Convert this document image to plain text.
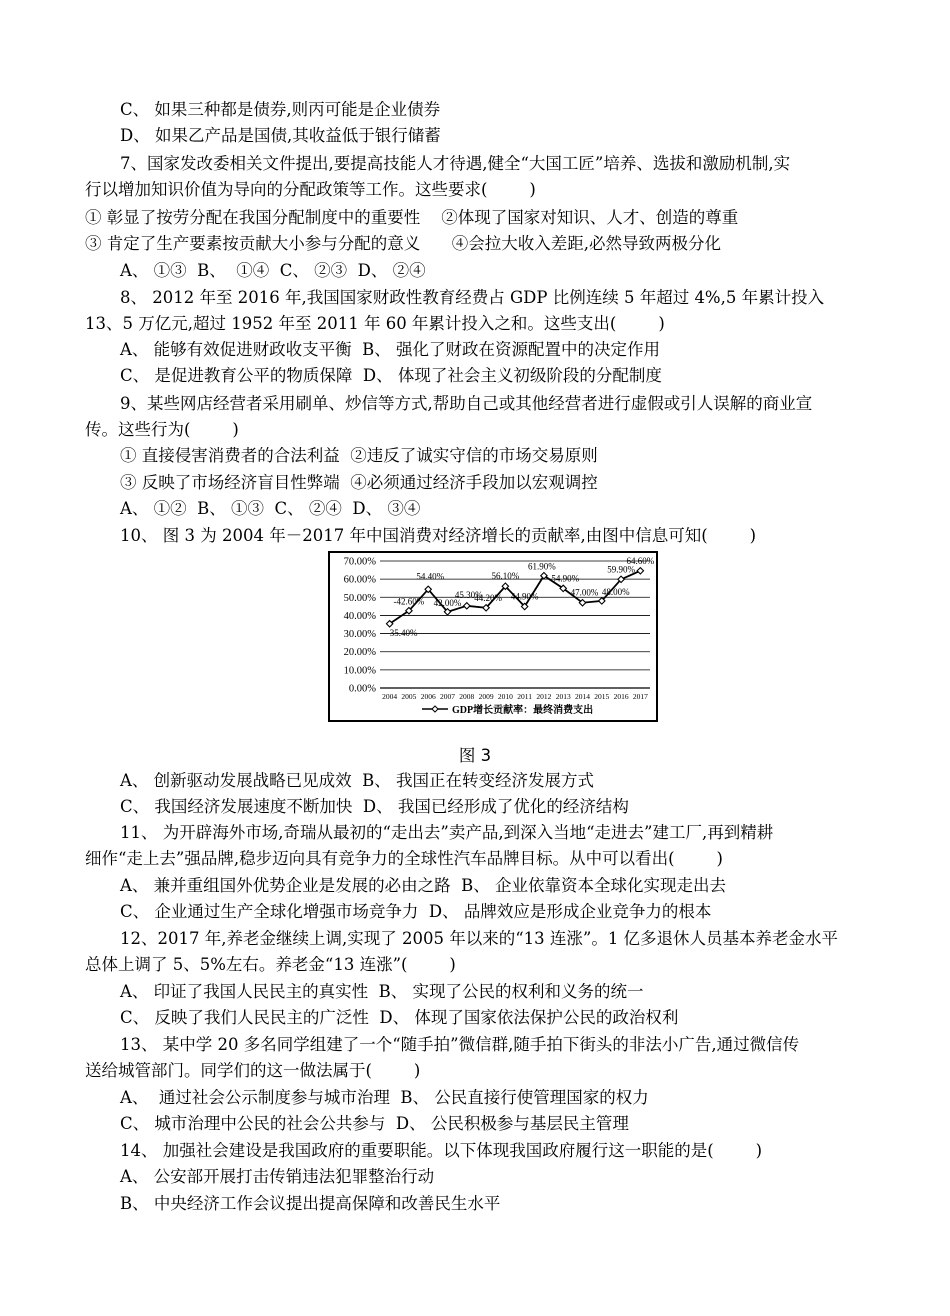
C、 如果三种都是债券,则丙可能是企业债券
D、 如果乙产品是国债,其收益低于银行储蓄
7、国家发改委相关文件提出,要提高技能人才待遇,健全“大国工匠”培养、选拔和激励机制,实
行以增加知识价值为导向的分配政策等工作。这些要求(        )
① 彰显了按劳分配在我国分配制度中的重要性    ②体现了国家对知识、人才、创造的尊重
③ 肯定了生产要素按贡献大小参与分配的意义      ④会拉大收入差距,必然导致两极分化
A、 ①③  B、  ①④  C、 ②③  D、 ②④
8、 2012 年至 2016 年,我国国家财政性教育经费占 GDP 比例连续 5 年超过 4%,5 年累计投入
13、5 万亿元,超过 1952 年至 2011 年 60 年累计投入之和。这些支出(        )
A、 能够有效促进财政收支平衡  B、 强化了财政在资源配置中的决定作用
C、 是促进教育公平的物质保障  D、 体现了社会主义初级阶段的分配制度
9、某些网店经营者采用刷单、炒信等方式,帮助自己或其他经营者进行虚假或引人误解的商业宣
传。这些行为(        )
① 直接侵害消费者的合法利益  ②违反了诚实守信的市场交易原则
③ 反映了市场经济盲目性弊端  ④必须通过经济手段加以宏观调控
A、 ①②  B、 ①③  C、 ②④  D、 ③④
10、 图 3 为 2004 年－2017 年中国消费对经济增长的贡献率,由图中信息可知(        )
0.00%
10.00%
20.00%
30.00%
40.00%
50.00%
60.00%
70.00%
2004 2005 2006 2007 2008 2009 2010 2011 2012 2013 2014 2015 2016 2017
35.40%
-42.60%
54.40%
42.00%
45.30%
44.20%
56.10%
44.90%
61.90%
54.90%
47.00% 48.00%
59.90%
64.60%
GDP增长贡献率：最终消费支出
图 3
A、 创新驱动发展战略已见成效  B、 我国正在转变经济发展方式
C、 我国经济发展速度不断加快  D、 我国已经形成了优化的经济结构
11、 为开辟海外市场,奇瑞从最初的“走出去”卖产品,到深入当地“走进去”建工厂,再到精耕
细作“走上去”强品牌,稳步迈向具有竞争力的全球性汽车品牌目标。从中可以看出(        )
A、 兼并重组国外优势企业是发展的必由之路  B、 企业依靠资本全球化实现走出去
C、 企业通过生产全球化增强市场竞争力  D、 品牌效应是形成企业竞争力的根本
12、2017 年,养老金继续上调,实现了 2005 年以来的“13 连涨”。1 亿多退休人员基本养老金水平
总体上调了 5、5%左右。养老金“13 连涨”(        )
A、 印证了我国人民民主的真实性  B、 实现了公民的权利和义务的统一
C、 反映了我们人民民主的广泛性  D、 体现了国家依法保护公民的政治权利
13、 某中学 20 多名同学组建了一个“随手拍”微信群,随手拍下街头的非法小广告,通过微信传
送给城管部门。同学们的这一做法属于(        )
A、  通过社会公示制度参与城市治理  B、 公民直接行使管理国家的权力
C、 城市治理中公民的社会公共参与  D、 公民积极参与基层民主管理
14、 加强社会建设是我国政府的重要职能。以下体现我国政府履行这一职能的是(        )
A、 公安部开展打击传销违法犯罪整治行动
B、 中央经济工作会议提出提高保障和改善民生水平
